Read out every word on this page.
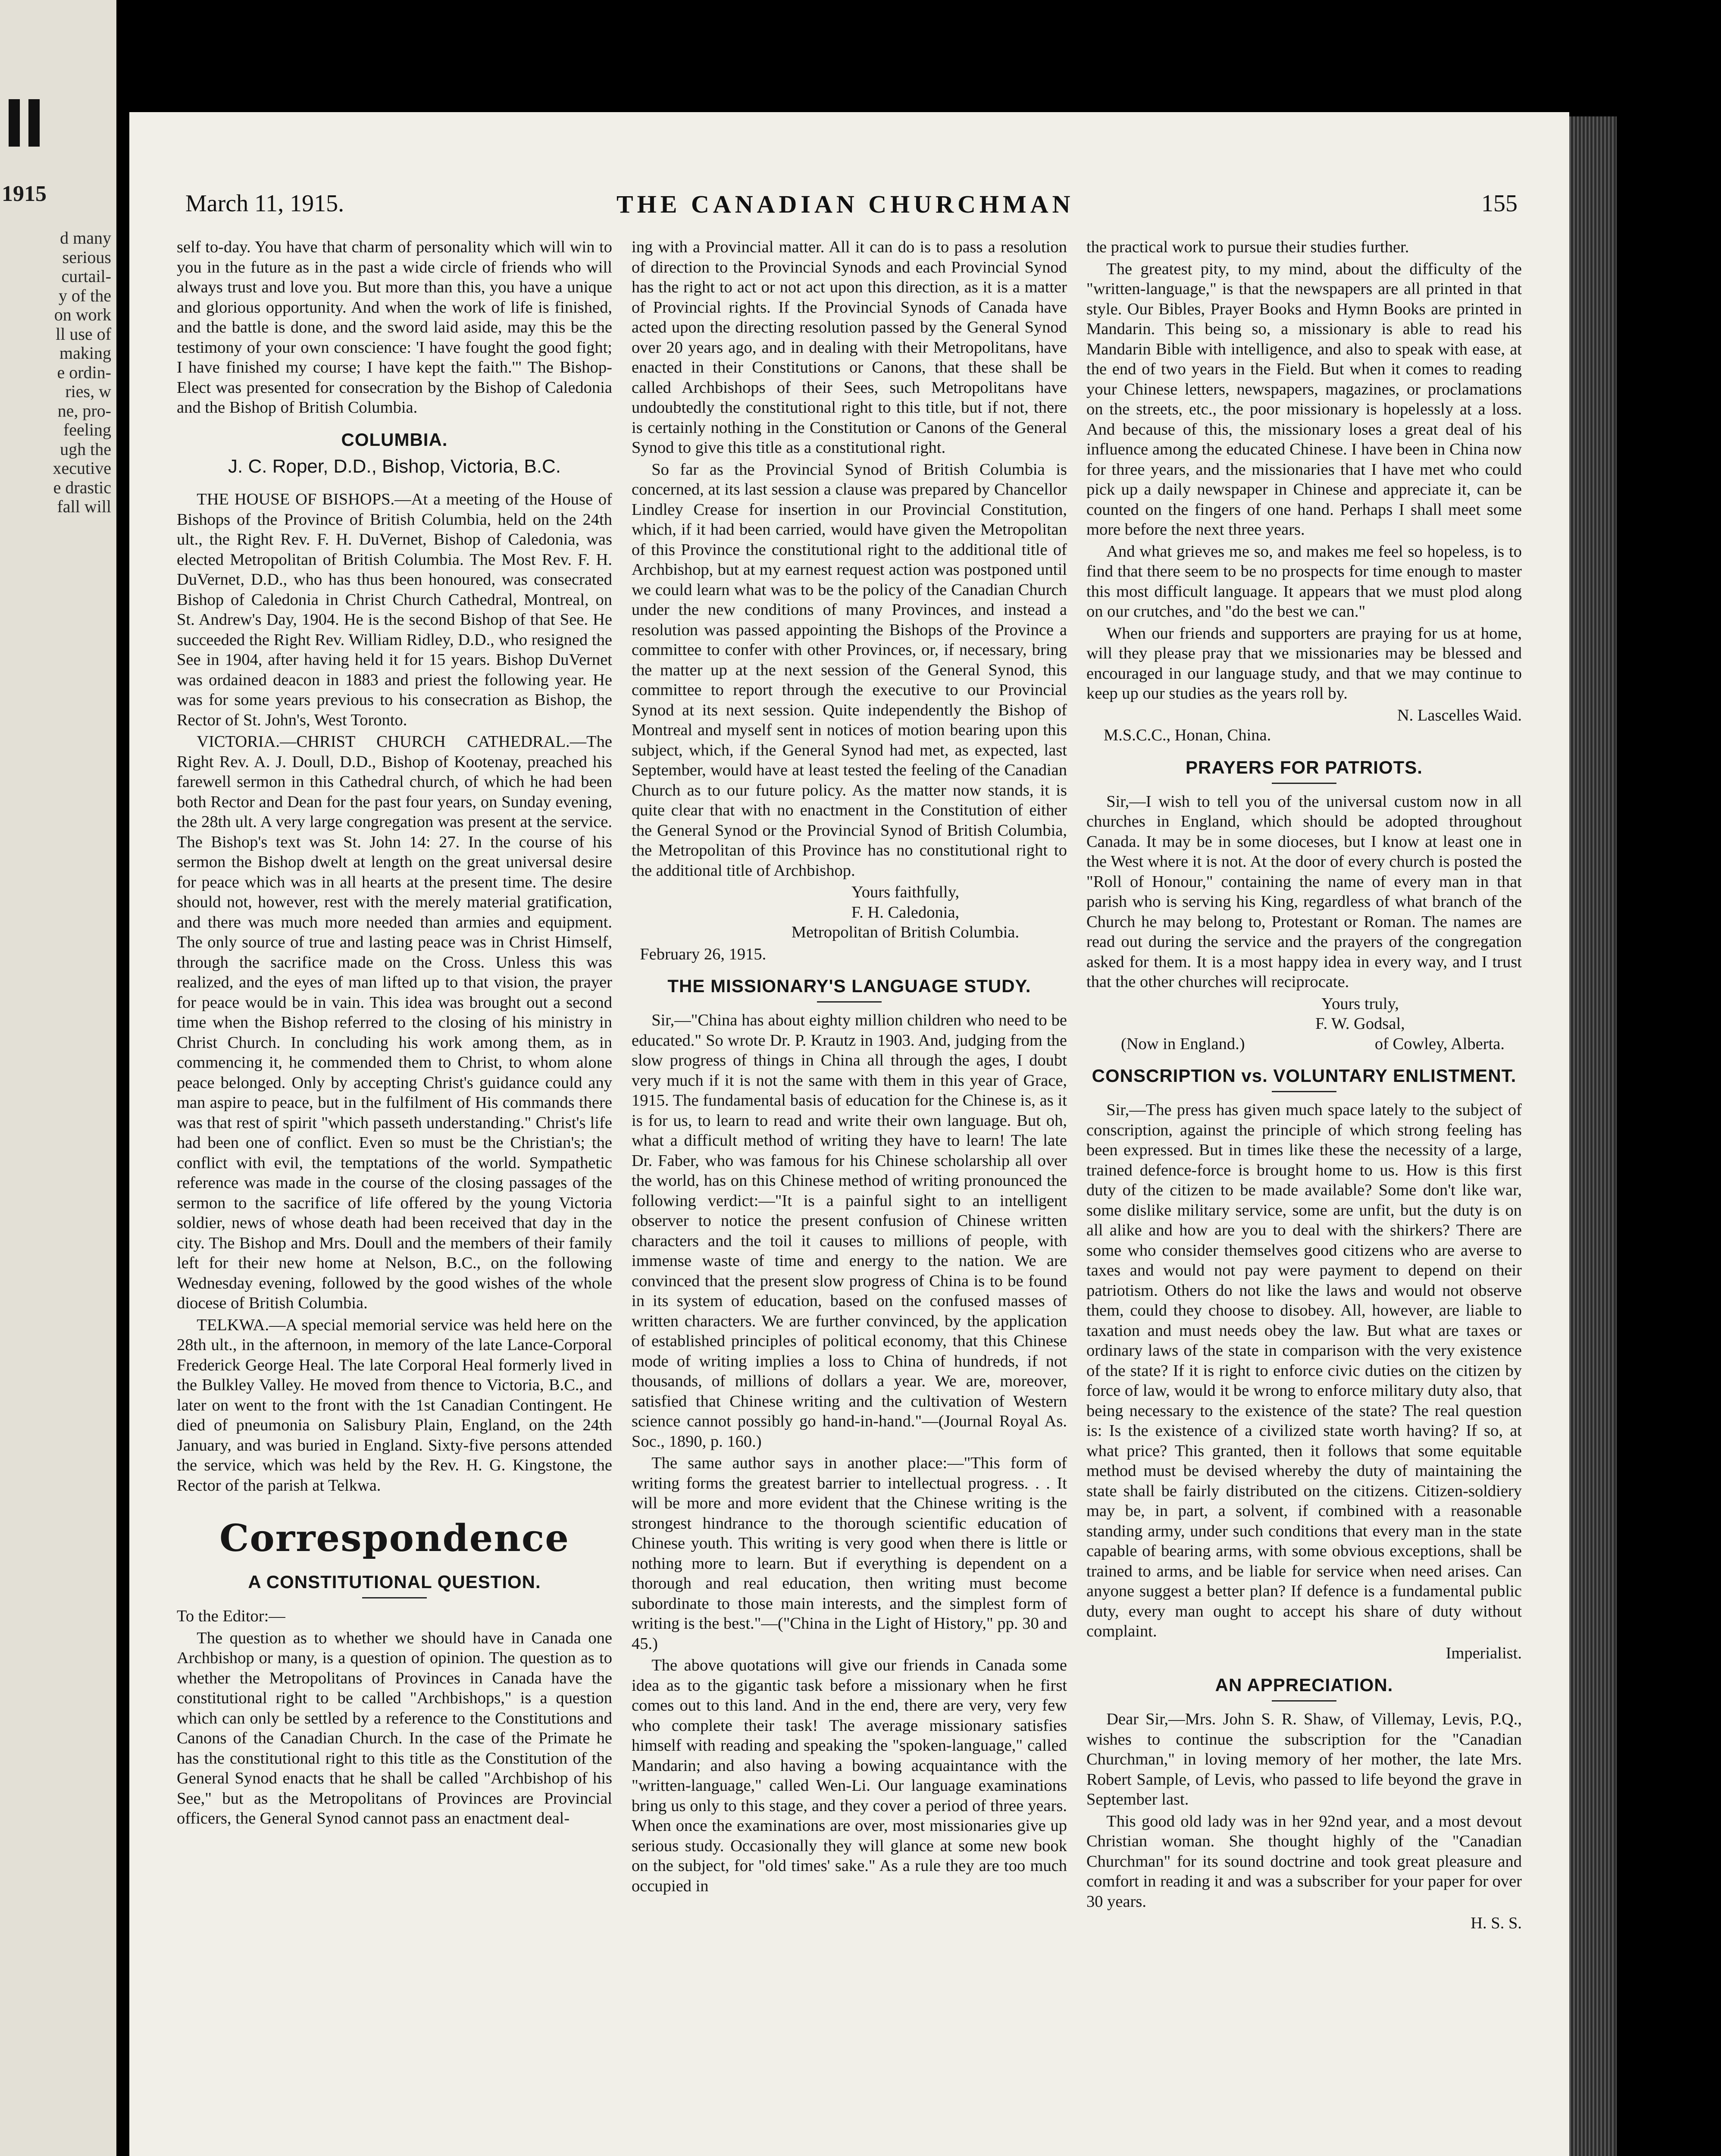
1915
d many
serious
curtail-
y of the
on work
ll use of
making
e ordin-
ries, w
ne, pro-
feeling
ugh the
xecutive
e drastic
fall will
March 11, 1915.	THE CANADIAN CHURCHMAN	155

self to-day. You have that charm of personality which will win to you in the future as in the past a wide circle of friends who will always trust and love you. But more than this, you have a unique and glorious opportunity. And when the work of life is finished, and the battle is done, and the sword laid aside, may this be the testimony of your own conscience: 'I have fought the good fight; I have finished my course; I have kept the faith.'" The Bishop-Elect was presented for consecration by the Bishop of Caledonia and the Bishop of British Columbia.

COLUMBIA.
J. C. Roper, D.D., Bishop, Victoria, B.C.

THE HOUSE OF BISHOPS.—At a meeting of the House of Bishops of the Province of British Columbia, held on the 24th ult., the Right Rev. F. H. DuVernet, Bishop of Caledonia, was elected Metropolitan of British Columbia. The Most Rev. F. H. DuVernet, D.D., who has thus been honoured, was consecrated Bishop of Caledonia in Christ Church Cathedral, Montreal, on St. Andrew's Day, 1904. He is the second Bishop of that See. He succeeded the Right Rev. William Ridley, D.D., who resigned the See in 1904, after having held it for 15 years. Bishop DuVernet was ordained deacon in 1883 and priest the following year. He was for some years previous to his consecration as Bishop, the Rector of St. John's, West Toronto.

VICTORIA.—CHRIST CHURCH CATHEDRAL.—The Right Rev. A. J. Doull, D.D., Bishop of Kootenay, preached his farewell sermon in this Cathedral church, of which he had been both Rector and Dean for the past four years, on Sunday evening, the 28th ult. A very large congregation was present at the service. The Bishop's text was St. John 14: 27. In the course of his sermon the Bishop dwelt at length on the great universal desire for peace which was in all hearts at the present time. The desire should not, however, rest with the merely material gratification, and there was much more needed than armies and equipment. The only source of true and lasting peace was in Christ Himself, through the sacrifice made on the Cross. Unless this was realized, and the eyes of man lifted up to that vision, the prayer for peace would be in vain. This idea was brought out a second time when the Bishop referred to the closing of his ministry in Christ Church. In concluding his work among them, as in commencing it, he commended them to Christ, to whom alone peace belonged. Only by accepting Christ's guidance could any man aspire to peace, but in the fulfilment of His commands there was that rest of spirit "which passeth understanding." Christ's life had been one of conflict. Even so must be the Christian's; the conflict with evil, the temptations of the world. Sympathetic reference was made in the course of the closing passages of the sermon to the sacrifice of life offered by the young Victoria soldier, news of whose death had been received that day in the city. The Bishop and Mrs. Doull and the members of their family left for their new home at Nelson, B.C., on the following Wednesday evening, followed by the good wishes of the whole diocese of British Columbia.

TELKWA.—A special memorial service was held here on the 28th ult., in the afternoon, in memory of the late Lance-Corporal Frederick George Heal. The late Corporal Heal formerly lived in the Bulkley Valley. He moved from thence to Victoria, B.C., and later on went to the front with the 1st Canadian Contingent. He died of pneumonia on Salisbury Plain, England, on the 24th January, and was buried in England. Sixty-five persons attended the service, which was held by the Rev. H. G. Kingstone, the Rector of the parish at Telkwa.

Correspondence
A CONSTITUTIONAL QUESTION.

To the Editor:—

The question as to whether we should have in Canada one Archbishop or many, is a question of opinion. The question as to whether the Metropolitans of Provinces in Canada have the constitutional right to be called "Archbishops," is a question which can only be settled by a reference to the Constitutions and Canons of the Canadian Church. In the case of the Primate he has the constitutional right to this title as the Constitution of the General Synod enacts that he shall be called "Archbishop of his See," but as the Metropolitans of Provinces are Provincial officers, the General Synod cannot pass an enactment deal-

ing with a Provincial matter. All it can do is to pass a resolution of direction to the Provincial Synods and each Provincial Synod has the right to act or not act upon this direction, as it is a matter of Provincial rights. If the Provincial Synods of Canada have acted upon the directing resolution passed by the General Synod over 20 years ago, and in dealing with their Metropolitans, have enacted in their Constitutions or Canons, that these shall be called Archbishops of their Sees, such Metropolitans have undoubtedly the constitutional right to this title, but if not, there is certainly nothing in the Constitution or Canons of the General Synod to give this title as a constitutional right.

So far as the Provincial Synod of British Columbia is concerned, at its last session a clause was prepared by Chancellor Lindley Crease for insertion in our Provincial Constitution, which, if it had been carried, would have given the Metropolitan of this Province the constitutional right to the additional title of Archbishop, but at my earnest request action was postponed until we could learn what was to be the policy of the Canadian Church under the new conditions of many Provinces, and instead a resolution was passed appointing the Bishops of the Province a committee to confer with other Provinces, or, if necessary, bring the matter up at the next session of the General Synod, this committee to report through the executive to our Provincial Synod at its next session. Quite independently the Bishop of Montreal and myself sent in notices of motion bearing upon this subject, which, if the General Synod had met, as expected, last September, would have at least tested the feeling of the Canadian Church as to our future policy. As the matter now stands, it is quite clear that with no enactment in the Constitution of either the General Synod or the Provincial Synod of British Columbia, the Metropolitan of this Province has no constitutional right to the additional title of Archbishop.

Yours faithfully,

F. H. Caledonia,

Metropolitan of British Columbia.

February 26, 1915.

THE MISSIONARY'S LANGUAGE STUDY.

Sir,—"China has about eighty million children who need to be educated." So wrote Dr. P. Krautz in 1903. And, judging from the slow progress of things in China all through the ages, I doubt very much if it is not the same with them in this year of Grace, 1915. The fundamental basis of education for the Chinese is, as it is for us, to learn to read and write their own language. But oh, what a difficult method of writing they have to learn! The late Dr. Faber, who was famous for his Chinese scholarship all over the world, has on this Chinese method of writing pronounced the following verdict:—"It is a painful sight to an intelligent observer to notice the present confusion of Chinese written characters and the toil it causes to millions of people, with immense waste of time and energy to the nation. We are convinced that the present slow progress of China is to be found in its system of education, based on the confused masses of written characters. We are further convinced, by the application of established principles of political economy, that this Chinese mode of writing implies a loss to China of hundreds, if not thousands, of millions of dollars a year. We are, moreover, satisfied that Chinese writing and the cultivation of Western science cannot possibly go hand-in-hand."—(Journal Royal As. Soc., 1890, p. 160.)

The same author says in another place:—"This form of writing forms the greatest barrier to intellectual progress. . . It will be more and more evident that the Chinese writing is the strongest hindrance to the thorough scientific education of Chinese youth. This writing is very good when there is little or nothing more to learn. But if everything is dependent on a thorough and real education, then writing must become subordinate to those main interests, and the simplest form of writing is the best."—("China in the Light of History," pp. 30 and 45.)

The above quotations will give our friends in Canada some idea as to the gigantic task before a missionary when he first comes out to this land. And in the end, there are very, very few who complete their task! The average missionary satisfies himself with reading and speaking the "spoken-language," called Mandarin; and also having a bowing acquaintance with the "written-language," called Wen-Li. Our language examinations bring us only to this stage, and they cover a period of three years. When once the examinations are over, most missionaries give up serious study. Occasionally they will glance at some new book on the subject, for "old times' sake." As a rule they are too much occupied in

the practical work to pursue their studies further.

The greatest pity, to my mind, about the difficulty of the "written-language," is that the newspapers are all printed in that style. Our Bibles, Prayer Books and Hymn Books are printed in Mandarin. This being so, a missionary is able to read his Mandarin Bible with intelligence, and also to speak with ease, at the end of two years in the Field. But when it comes to reading your Chinese letters, newspapers, magazines, or proclamations on the streets, etc., the poor missionary is hopelessly at a loss. And because of this, the missionary loses a great deal of his influence among the educated Chinese. I have been in China now for three years, and the missionaries that I have met who could pick up a daily newspaper in Chinese and appreciate it, can be counted on the fingers of one hand. Perhaps I shall meet some more before the next three years.

And what grieves me so, and makes me feel so hopeless, is to find that there seem to be no prospects for time enough to master this most difficult language. It appears that we must plod along on our crutches, and "do the best we can."

When our friends and supporters are praying for us at home, will they please pray that we missionaries may be blessed and encouraged in our language study, and that we may continue to keep up our studies as the years roll by.

N. Lascelles Waid.

M.S.C.C., Honan, China.

PRAYERS FOR PATRIOTS.

Sir,—I wish to tell you of the universal custom now in all churches in England, which should be adopted throughout Canada. It may be in some dioceses, but I know at least one in the West where it is not. At the door of every church is posted the "Roll of Honour," containing the name of every man in that parish who is serving his King, regardless of what branch of the Church he may belong to, Protestant or Roman. The names are read out during the service and the prayers of the congregation asked for them. It is a most happy idea in every way, and I trust that the other churches will reciprocate.

Yours truly,

F. W. Godsal,

(Now in England.)	of Cowley, Alberta.

CONSCRIPTION vs. VOLUNTARY ENLISTMENT.

Sir,—The press has given much space lately to the subject of conscription, against the principle of which strong feeling has been expressed. But in times like these the necessity of a large, trained defence-force is brought home to us. How is this first duty of the citizen to be made available? Some don't like war, some dislike military service, some are unfit, but the duty is on all alike and how are you to deal with the shirkers? There are some who consider themselves good citizens who are averse to taxes and would not pay were payment to depend on their patriotism. Others do not like the laws and would not observe them, could they choose to disobey. All, however, are liable to taxation and must needs obey the law. But what are taxes or ordinary laws of the state in comparison with the very existence of the state? If it is right to enforce civic duties on the citizen by force of law, would it be wrong to enforce military duty also, that being necessary to the existence of the state? The real question is: Is the existence of a civilized state worth having? If so, at what price? This granted, then it follows that some equitable method must be devised whereby the duty of maintaining the state shall be fairly distributed on the citizens. Citizen-soldiery may be, in part, a solvent, if combined with a reasonable standing army, under such conditions that every man in the state capable of bearing arms, with some obvious exceptions, shall be trained to arms, and be liable for service when need arises. Can anyone suggest a better plan? If defence is a fundamental public duty, every man ought to accept his share of duty without complaint.

Imperialist.

AN APPRECIATION.

Dear Sir,—Mrs. John S. R. Shaw, of Villemay, Levis, P.Q., wishes to continue the subscription for the "Canadian Churchman," in loving memory of her mother, the late Mrs. Robert Sample, of Levis, who passed to life beyond the grave in September last.

This good old lady was in her 92nd year, and a most devout Christian woman. She thought highly of the "Canadian Churchman" for its sound doctrine and took great pleasure and comfort in reading it and was a subscriber for your paper for over 30 years.

H. S. S.
